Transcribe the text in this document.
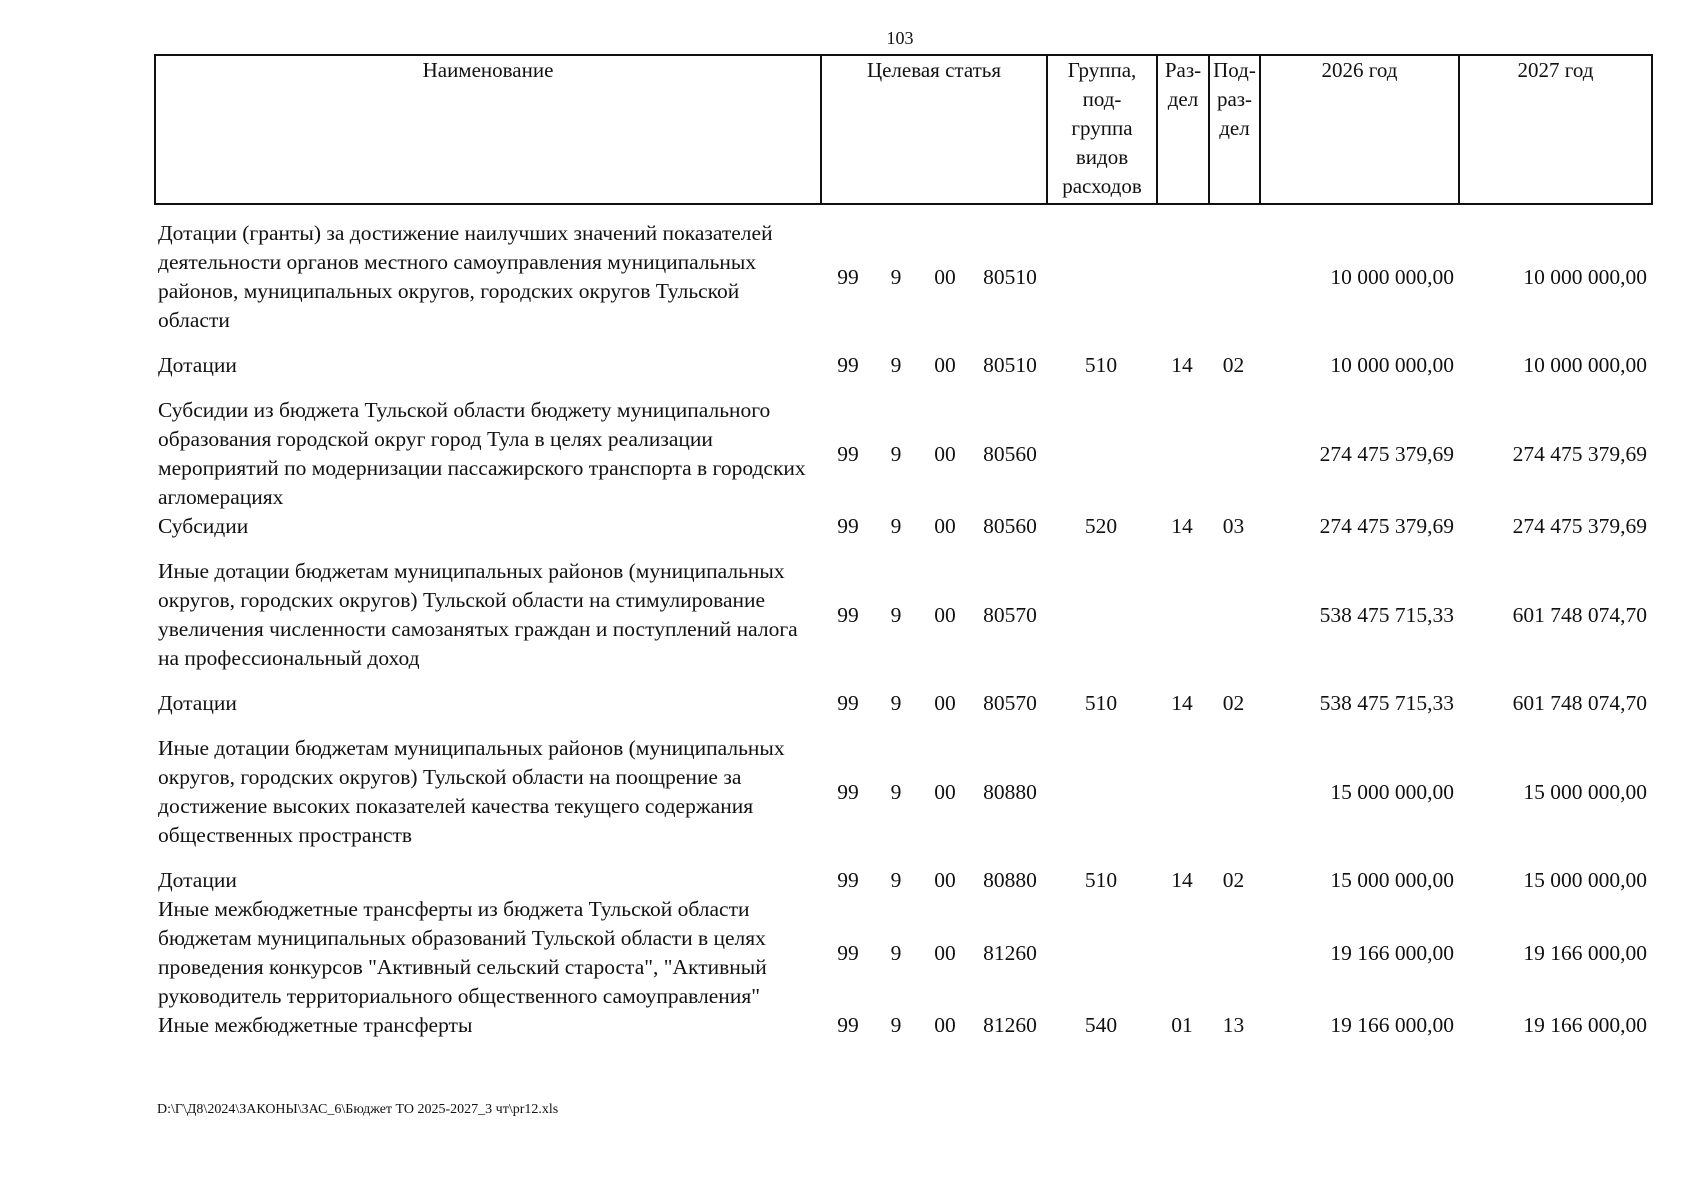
103
Наименование	Целевая статья	Группа,
под-
группа
видов
расходов	Раз-
дел	Под-
раз-
дел	2026 год	2027 год
Дотации (гранты) за достижение наилучших значений показателей деятельности органов местного самоуправления муниципальных районов, муниципальных округов, городских округов Тульской области	99	9	00	80510				10 000 000,00	10 000 000,00

Дотации	99	9	00	80510	510	14	02	10 000 000,00	10 000 000,00

Субсидии из бюджета Тульской области бюджету муниципального образования городской округ город Тула в целях реализации мероприятий по модернизации пассажирского транспорта в городских агломерациях	99	9	00	80560				274 475 379,69	274 475 379,69
Субсидии	99	9	00	80560	520	14	03	274 475 379,69	274 475 379,69

Иные дотации бюджетам муниципальных районов (муниципальных округов, городских округов) Тульской области на стимулирование увеличения численности самозанятых граждан и поступлений налога на профессиональный доход	99	9	00	80570				538 475 715,33	601 748 074,70

Дотации	99	9	00	80570	510	14	02	538 475 715,33	601 748 074,70

Иные дотации бюджетам муниципальных районов (муниципальных округов, городских округов) Тульской области на поощрение за достижение высоких показателей качества текущего содержания общественных пространств	99	9	00	80880				15 000 000,00	15 000 000,00

Дотации	99	9	00	80880	510	14	02	15 000 000,00	15 000 000,00
Иные межбюджетные трансферты из бюджета Тульской области бюджетам муниципальных образований Тульской области в целях проведения конкурсов "Активный сельский староста", "Активный руководитель территориального общественного самоуправления"	99	9	00	81260				19 166 000,00	19 166 000,00
Иные межбюджетные трансферты	99	9	00	81260	540	01	13	19 166 000,00	19 166 000,00
D:\Г\Д8\2024\ЗАКОНЫ\ЗАС_6\Бюджет ТО 2025-2027_3 чт\pr12.xls
